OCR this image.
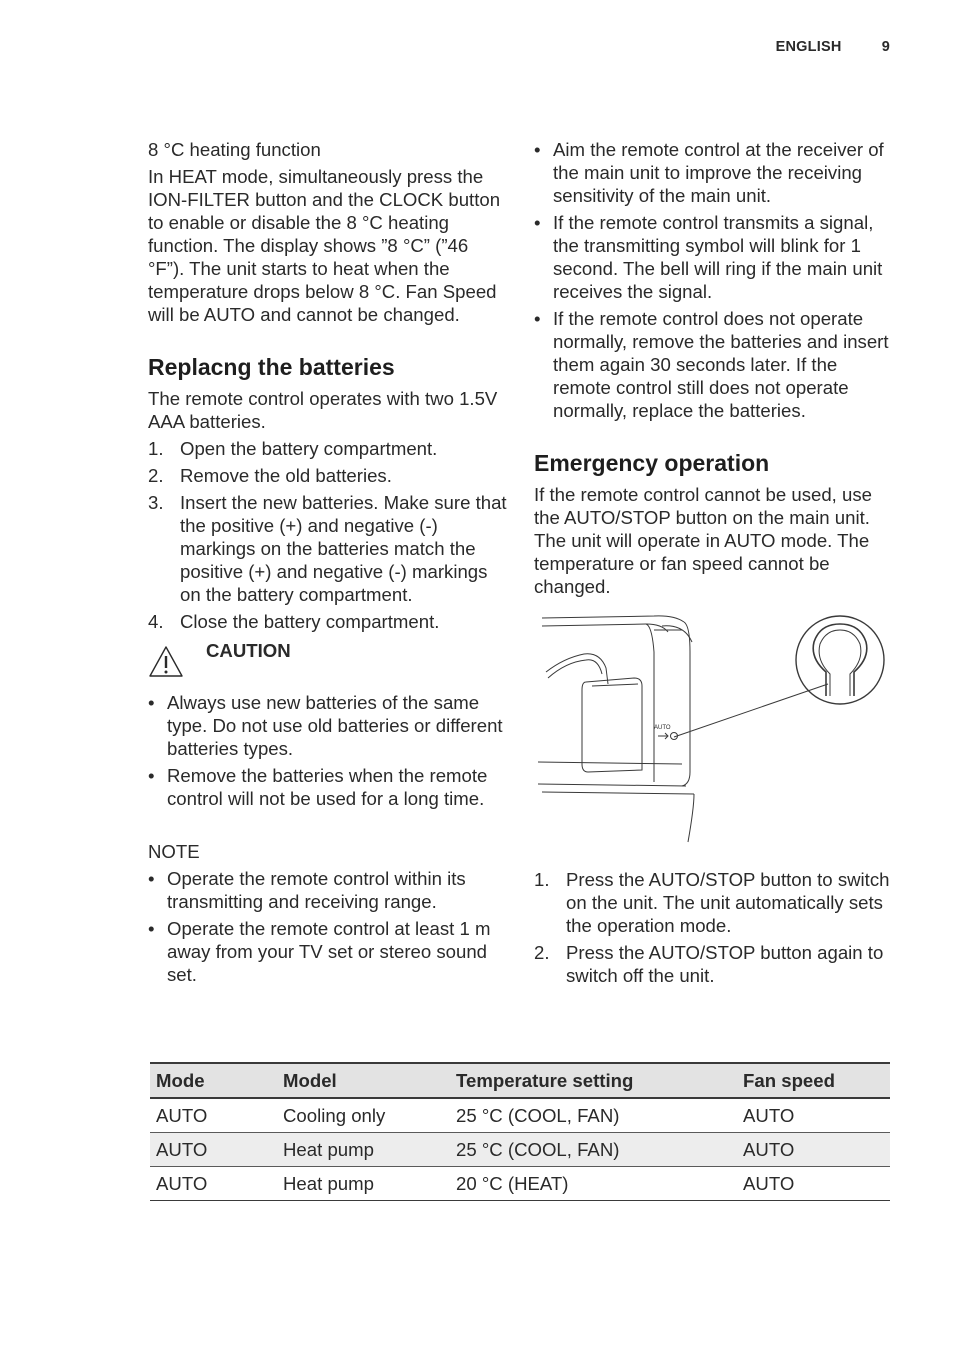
ENGLISH	9

8 °C heating function

In HEAT mode, simultaneously press the ION-FILTER button and the CLOCK button to enable or disable the 8 °C heating function. The display shows ”8 °C” (”46 °F”). The unit starts to heat when the temperature drops below 8 °C. Fan Speed will be AUTO and cannot be changed.

Replacng the batteries

The remote control operates with two 1.5V AAA batteries.

1. Open the battery compartment.
2. Remove the old batteries.
3. Insert the new batteries. Make sure that the positive (+) and negative (-) markings on the batteries match the positive (+) and negative (-) markings on the battery compartment.
4. Close the battery compartment.
CAUTION
• Always use new batteries of the same type. Do not use old batteries or different batteries types.
• Remove the batteries when the remote control will not be used for a long time.

NOTE

• Operate the remote control within its transmitting and receiving range.
• Operate the remote control at least 1 m away from your TV set or stereo sound set.
• Aim the remote control at the receiver of the main unit to improve the receiving sensitivity of the main unit.
• If the remote control transmits a signal, the transmitting symbol will blink for 1 second. The bell will ring if the main unit receives the signal.
• If the remote control does not operate normally, remove the batteries and insert them again 30 seconds later. If the remote control still does not operate normally, replace the batteries.
Emergency operation

If the remote control cannot be used, use the AUTO/STOP button on the main unit. The unit will operate in AUTO mode. The temperature or fan speed cannot be changed.

AUTO
1. Press the AUTO/STOP button to switch on the unit. The unit automatically sets the operation mode.
2. Press the AUTO/STOP button again to switch off the unit.
Mode	Model	Temperature setting	Fan speed
AUTO	Cooling only	25 °C (COOL, FAN)	AUTO
AUTO	Heat pump	25 °C (COOL, FAN)	AUTO
AUTO	Heat pump	20 °C (HEAT)	AUTO
